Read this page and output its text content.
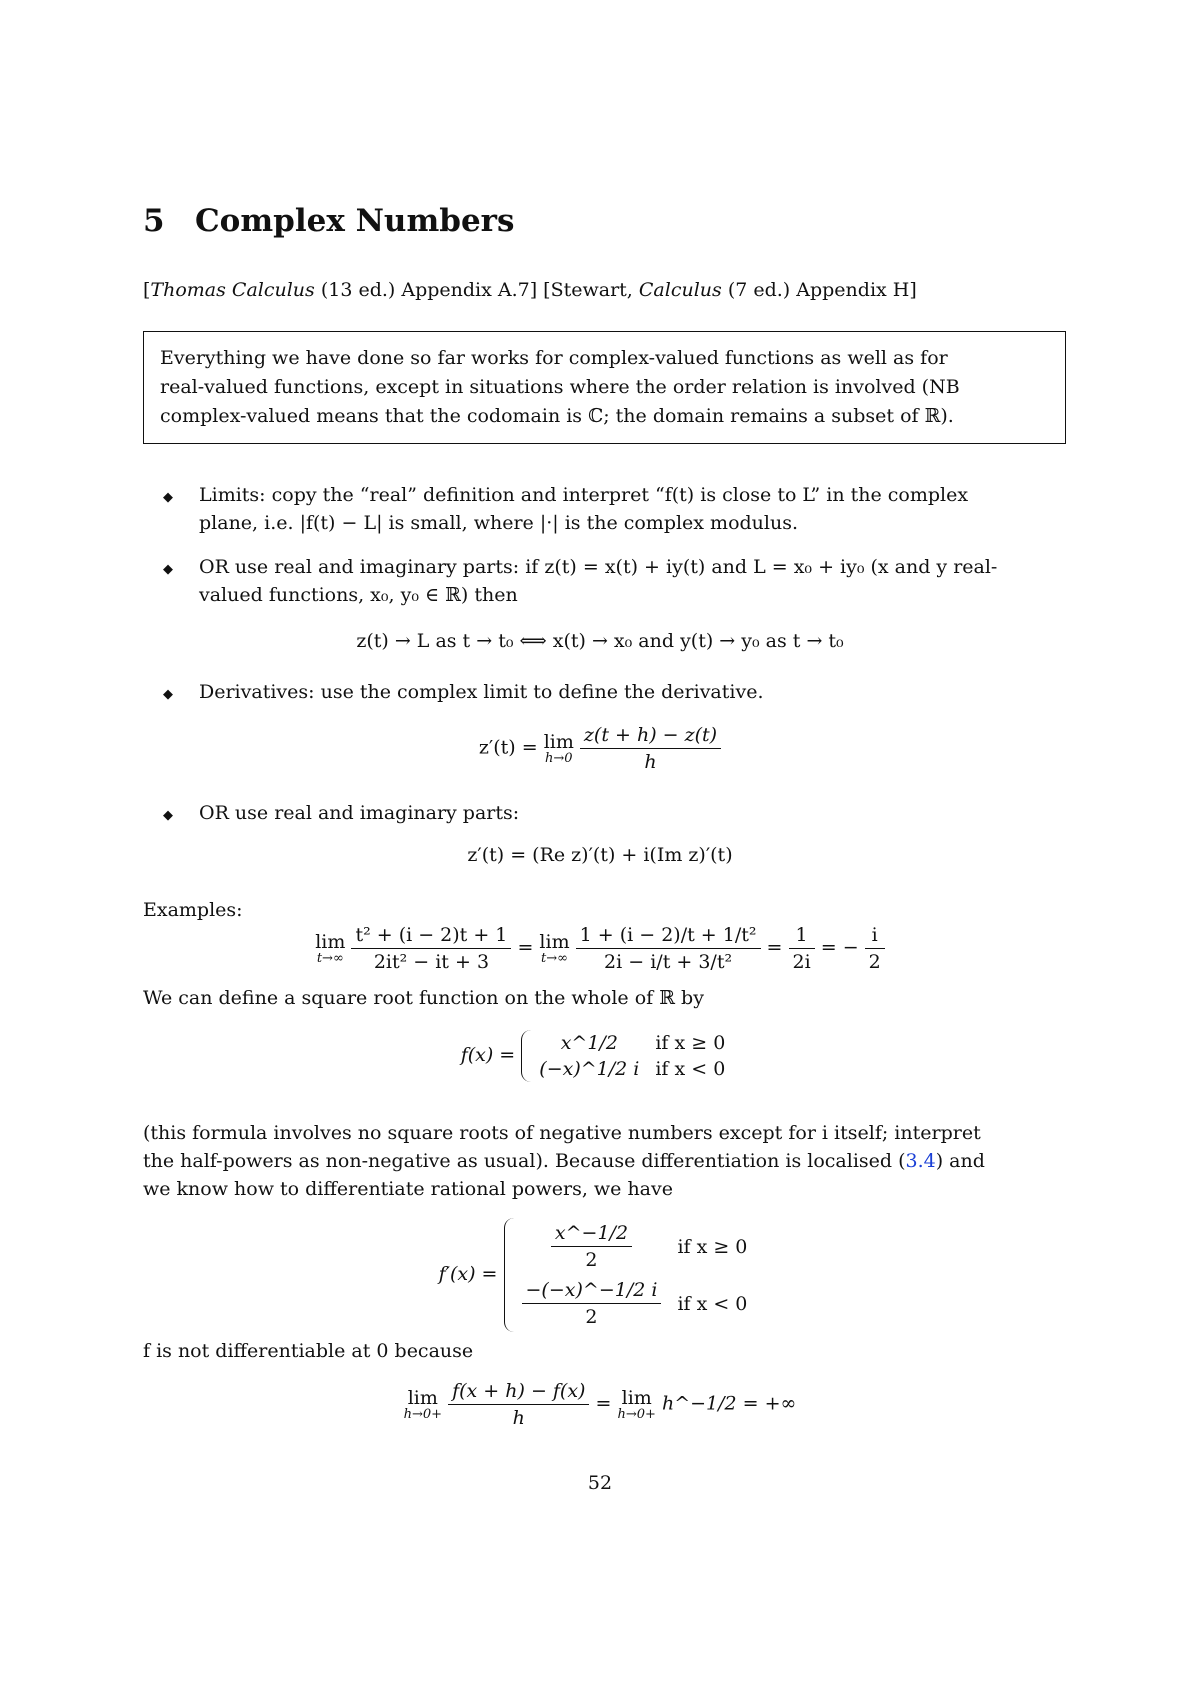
5 Complex Numbers
[Thomas Calculus (13 ed.) Appendix A.7] [Stewart, Calculus (7 ed.) Appendix H]
Everything we have done so far works for complex-valued functions as well as for
real-valued functions, except in situations where the order relation is involved (NB
complex-valued means that the codomain is ℂ; the domain remains a subset of ℝ).
◆ Limits: copy the “real” definition and interpret “f(t) is close to L” in the complex
plane, i.e. |f(t) − L| is small, where |·| is the complex modulus.
◆ OR use real and imaginary parts: if z(t) = x(t) + iy(t) and L = x₀ + iy₀ (x and y real-
valued functions, x₀, y₀ ∈ ℝ) then
z(t) → L as t → t₀ ⟺ x(t) → x₀ and y(t) → y₀ as t → t₀
◆ Derivatives: use the complex limit to define the derivative.
z′(t) = lim
h→0
$\frac{z(t + h) - z(t)}{h}$
◆ OR use real and imaginary parts:
z′(t) = (Re z)′(t) + i(Im z)′(t)
Examples:
lim
t→∞
$\frac{\text{t² + (i − 2)t + 1}}{\text{2it² − it + 3}} = \lim$
t→∞
$\frac{\text{1 + (i − 2)/t + 1/t²}}{\text{2i − i/t + 3/t²}} = \frac{1}{2i}$ = − $\frac{i}{2}$
We can define a square root function on the whole of ℝ by
f(x) =
x^1/2	if x ≥ 0
(−x)^1/2 i	if x < 0
(this formula involves no square roots of negative numbers except for i itself; interpret
the half-powers as non-negative as usual). Because differentiation is localised (3.4) and
we know how to differentiate rational powers, we have
f′(x) =
$\frac{x\^{}-1/2}{2}$	if x ≥ 0

$\frac{-(-x)\^{}-1/2 i}{2}$	if x < 0
f is not differentiable at 0 because
lim
h→0+
$\frac{f(x + h) - f(x)}{h} = \lim$
h→0+ h^−1/2 = +∞
52
